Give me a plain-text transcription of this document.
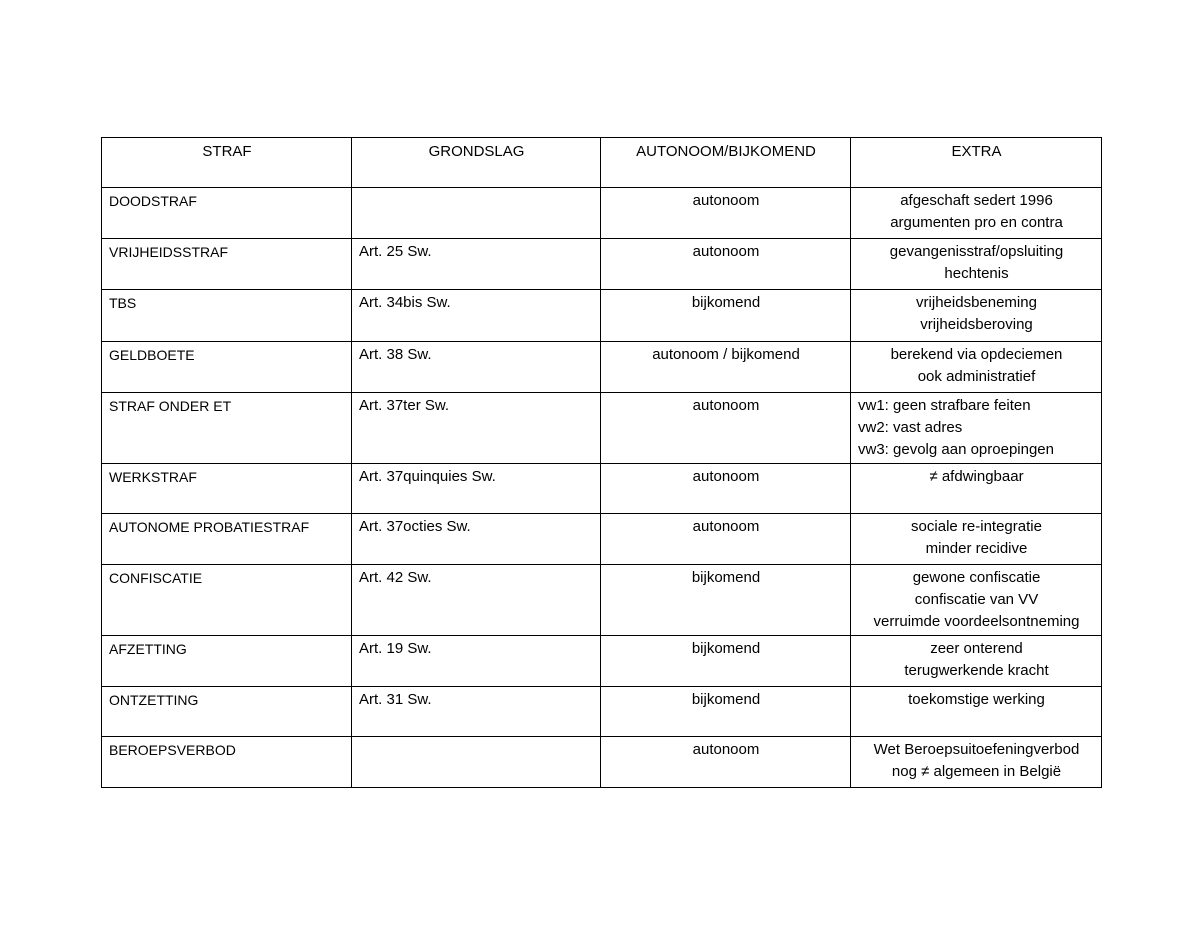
STRAF	GRONDSLAG	AUTONOOM/BIJKOMEND	EXTRA
DOODSTRAF		autonoom	afgeschaft sedert 1996
argumenten pro en contra

VRIJHEIDSSTRAF	Art. 25 Sw.	autonoom	gevangenisstraf/opsluiting
hechtenis

TBS	Art. 34bis Sw.	bijkomend	vrijheidsbeneming
vrijheidsberoving

GELDBOETE	Art. 38 Sw.	autonoom / bijkomend	berekend via opdeciemen
ook administratief

STRAF ONDER ET	Art. 37ter Sw.	autonoom	vw1: geen strafbare feiten
vw2: vast adres
vw3: gevolg aan oproepingen

WERKSTRAF	Art. 37quinquies Sw.	autonoom	≠ afdwingbaar

AUTONOME PROBATIESTRAF	Art. 37octies Sw.	autonoom	sociale re-integratie
minder recidive

CONFISCATIE	Art. 42 Sw.	bijkomend	gewone confiscatie
confiscatie van VV
verruimde voordeelsontneming

AFZETTING	Art. 19 Sw.	bijkomend	zeer onterend
terugwerkende kracht

ONTZETTING	Art. 31 Sw.	bijkomend	toekomstige werking

BEROEPSVERBOD		autonoom	Wet Beroepsuitoefeningverbod
nog ≠ algemeen in België
